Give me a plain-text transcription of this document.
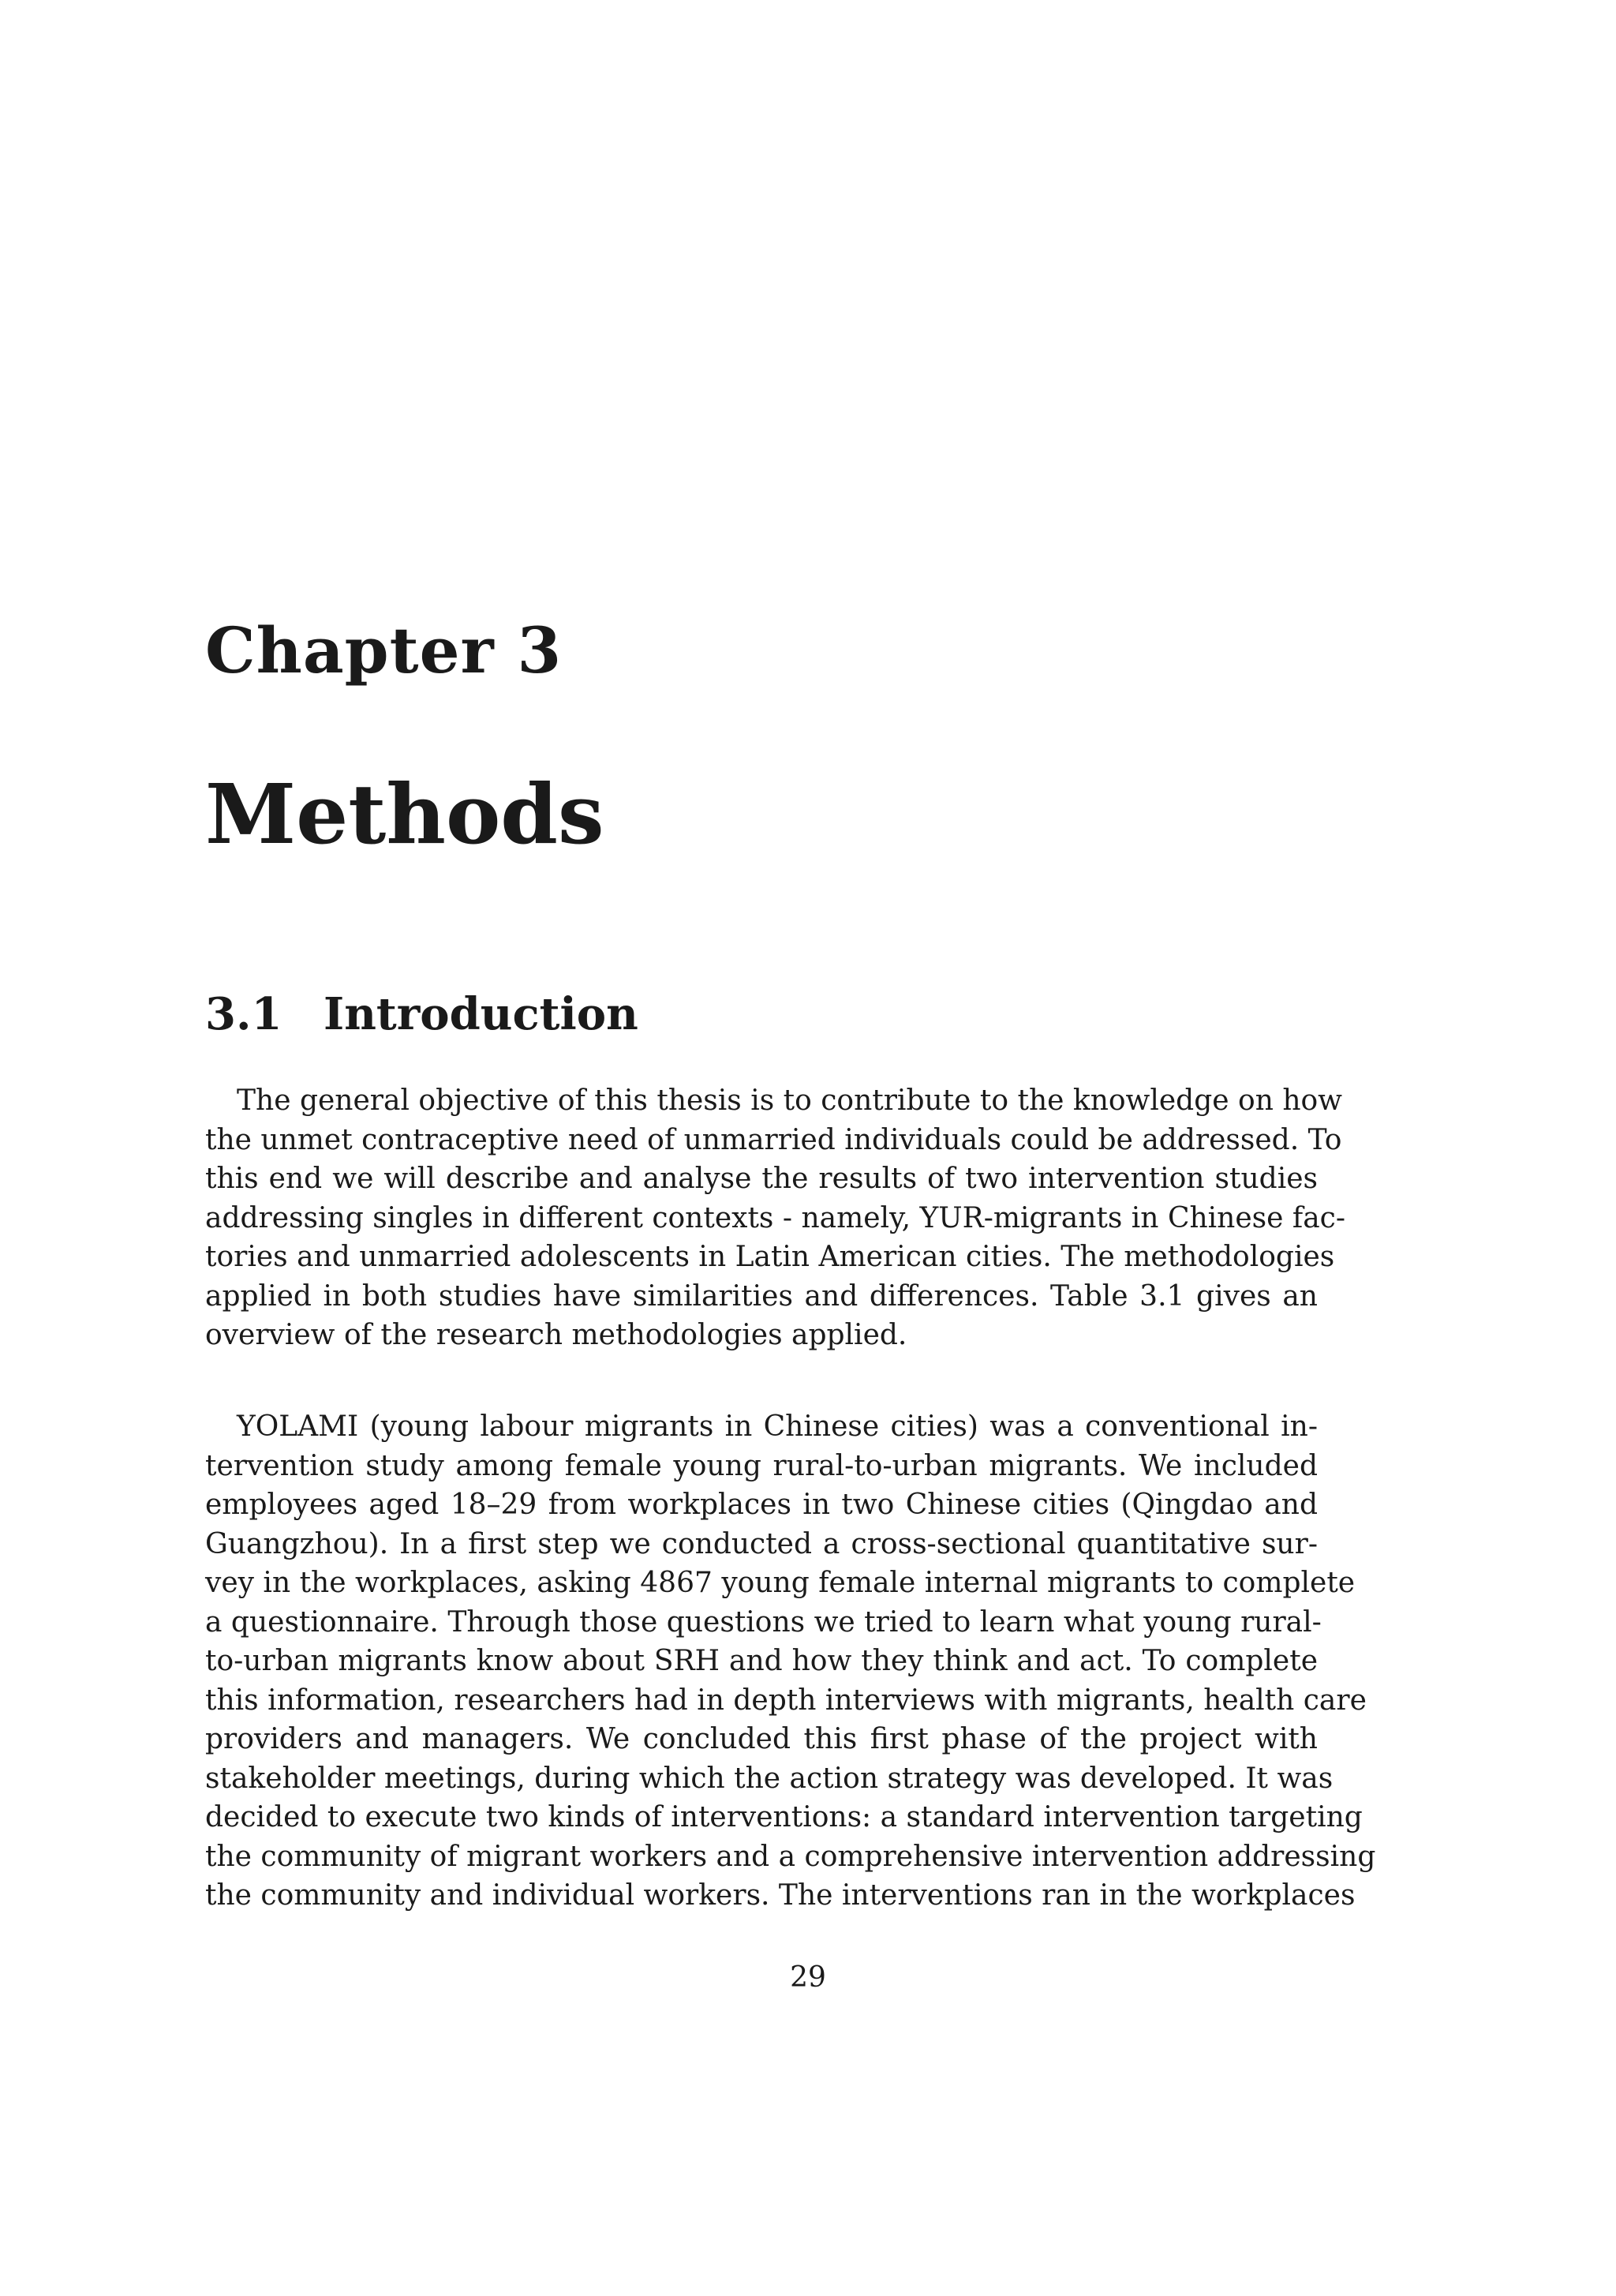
Chapter 3
Methods
3.1 Introduction
The general objective of this thesis is to contribute to the knowledge on how
the unmet contraceptive need of unmarried individuals could be addressed. To
this end we will describe and analyse the results of two intervention studies
addressing singles in different contexts - namely, YUR-migrants in Chinese fac-
tories and unmarried adolescents in Latin American cities. The methodologies
applied in both studies have similarities and differences. Table 3.1 gives an
overview of the research methodologies applied.
YOLAMI (young labour migrants in Chinese cities) was a conventional in-
tervention study among female young rural-to-urban migrants. We included
employees aged 18–29 from workplaces in two Chinese cities (Qingdao and
Guangzhou). In a first step we conducted a cross-sectional quantitative sur-
vey in the workplaces, asking 4867 young female internal migrants to complete
a questionnaire. Through those questions we tried to learn what young rural-
to-urban migrants know about SRH and how they think and act. To complete
this information, researchers had in depth interviews with migrants, health care
providers and managers. We concluded this first phase of the project with
stakeholder meetings, during which the action strategy was developed. It was
decided to execute two kinds of interventions: a standard intervention targeting
the community of migrant workers and a comprehensive intervention addressing
the community and individual workers. The interventions ran in the workplaces

29
